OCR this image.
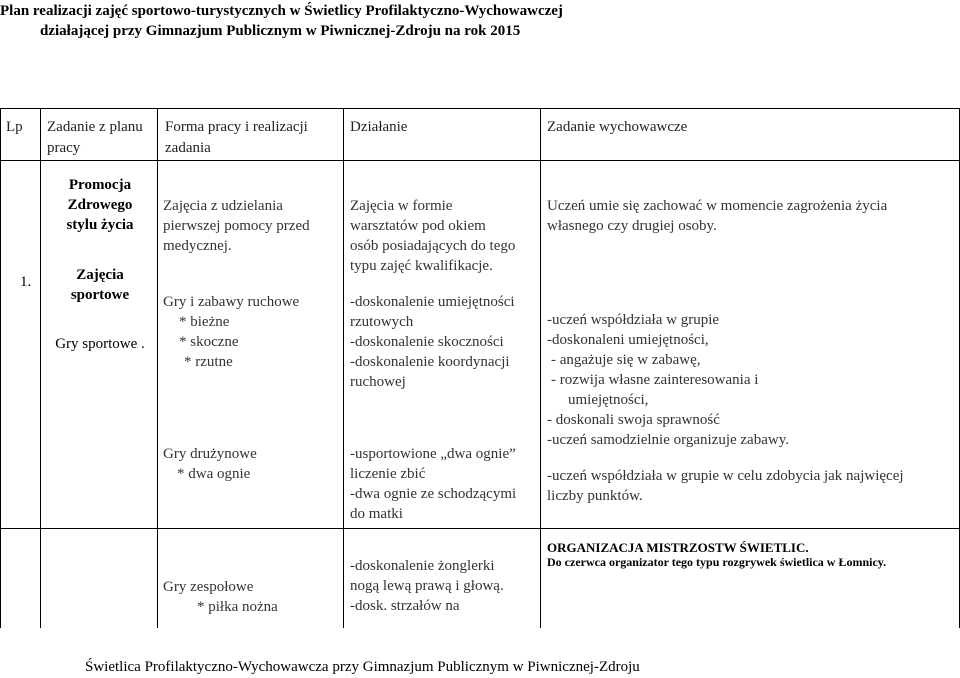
Plan realizacji zajęć sportowo-turystycznych w Świetlicy Profilaktyczno-Wychowawczej
działającej przy Gimnazjum Publicznym w Piwnicznej-Zdroju na rok 2015
Lp Zadanie z planu
pracy
Forma pracy i realizacji
zadania
Działanie	Zadanie wychowawcze
1.
Promocja
Zdrowego
stylu życia
Zajęcia
sportowe
Gry sportowe .
Zajęcia z udzielania
pierwszej pomocy przed
medycznej.
Gry i zabawy ruchowe
* bieżne
* skoczne
* rzutne
Gry drużynowe
* dwa ognie
Zajęcia w formie
warsztatów pod okiem
osób posiadających do tego
typu zajęć kwalifikacje.
-doskonalenie umiejętności
rzutowych
-doskonalenie skoczności
-doskonalenie koordynacji
ruchowej
-usportowione „dwa ognie”
liczenie zbić
-dwa ognie ze schodzącymi
do matki
Uczeń umie się zachować w momencie zagrożenia życia
własnego czy drugiej osoby.
-uczeń współdziała w grupie
-doskonaleni umiejętności,
- angażuje się w zabawę,
- rozwija własne zainteresowania i
umiejętności,
- doskonali swoja sprawność
-uczeń samodzielnie organizuje zabawy.
-uczeń współdziała w grupie w celu zdobycia jak najwięcej
liczby punktów.
Gry zespołowe
* piłka nożna
-doskonalenie żonglerki
nogą lewą prawą i głową.
-dosk. strzałów na
ORGANIZACJA MISTRZOSTW ŚWIETLIC.
Do czerwca organizator tego typu rozgrywek świetlica w Łomnicy.
Świetlica Profilaktyczno-Wychowawcza przy Gimnazjum Publicznym w Piwnicznej-Zdroju
